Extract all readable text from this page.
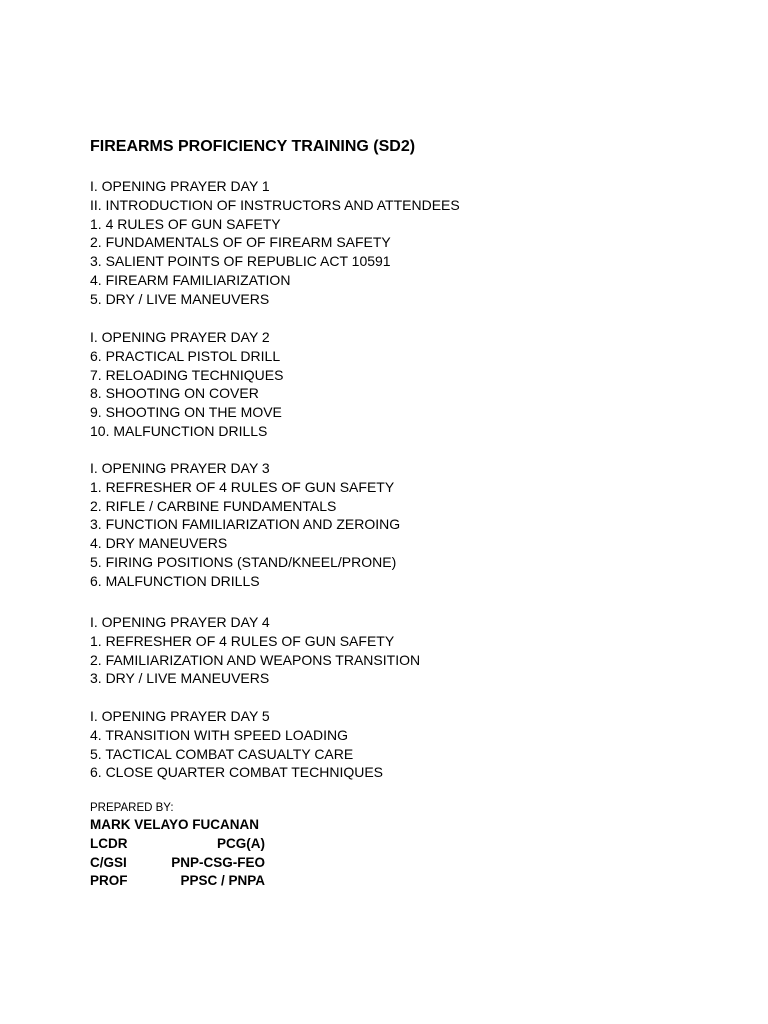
FIREARMS PROFICIENCY TRAINING (SD2)
I. OPENING PRAYER DAY 1
II. INTRODUCTION OF INSTRUCTORS AND ATTENDEES
1. 4 RULES OF GUN SAFETY
2. FUNDAMENTALS OF OF FIREARM SAFETY
3. SALIENT POINTS OF REPUBLIC ACT 10591
4. FIREARM FAMILIARIZATION
5. DRY / LIVE MANEUVERS
I. OPENING PRAYER DAY 2
6. PRACTICAL PISTOL DRILL
7. RELOADING TECHNIQUES
8. SHOOTING ON COVER
9. SHOOTING ON THE MOVE
10. MALFUNCTION DRILLS
I. OPENING PRAYER DAY 3
1. REFRESHER OF 4 RULES OF GUN SAFETY
2. RIFLE / CARBINE FUNDAMENTALS
3. FUNCTION FAMILIARIZATION AND ZEROING
4. DRY MANEUVERS
5. FIRING POSITIONS (STAND/KNEEL/PRONE)
6. MALFUNCTION DRILLS
I. OPENING PRAYER DAY 4
1. REFRESHER OF 4 RULES OF GUN SAFETY
2. FAMILIARIZATION AND WEAPONS TRANSITION
3. DRY / LIVE MANEUVERS
I. OPENING PRAYER DAY 5
4. TRANSITION WITH SPEED LOADING
5. TACTICAL COMBAT CASUALTY CARE
6. CLOSE QUARTER COMBAT TECHNIQUES
PREPARED BY:
MARK VELAYO FUCANAN
LCDR	PCG(A)
C/GSI	PNP-CSG-FEO
PROF	PPSC / PNPA
